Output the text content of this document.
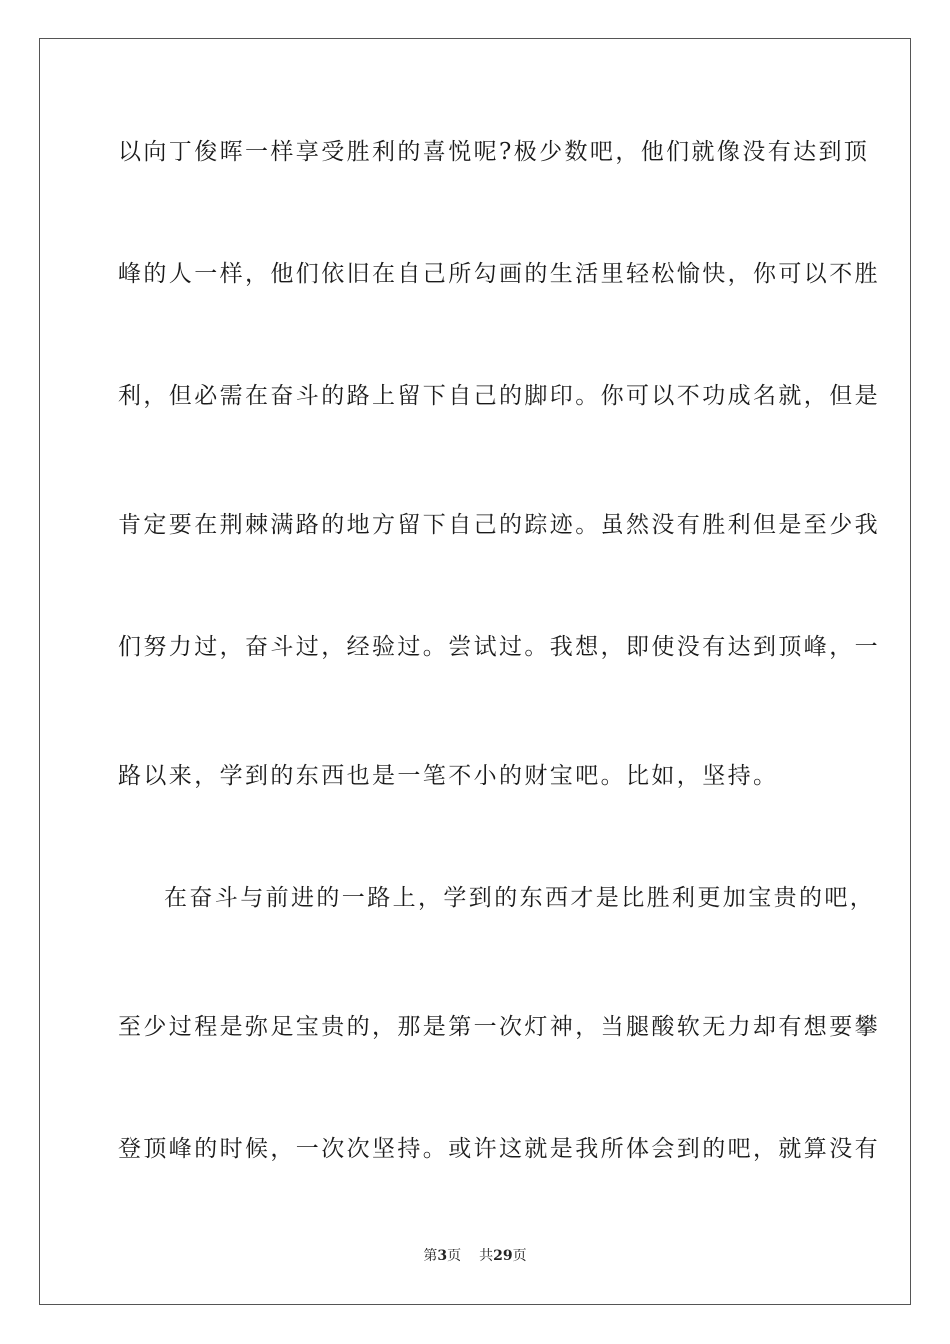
以向丁俊晖一样享受胜利的喜悦呢?极少数吧，他们就像没有达到顶
峰的人一样，他们依旧在自己所勾画的生活里轻松愉快，你可以不胜
利，但必需在奋斗的路上留下自己的脚印。你可以不功成名就，但是
肯定要在荆棘满路的地方留下自己的踪迹。虽然没有胜利但是至少我
们努力过，奋斗过，经验过。尝试过。我想，即使没有达到顶峰，一
路以来，学到的东西也是一笔不小的财宝吧。比如，坚持。
在奋斗与前进的一路上，学到的东西才是比胜利更加宝贵的吧，
至少过程是弥足宝贵的，那是第一次灯神，当腿酸软无力却有想要攀
登顶峰的时候，一次次坚持。或许这就是我所体会到的吧，就算没有
第3页 共29页
